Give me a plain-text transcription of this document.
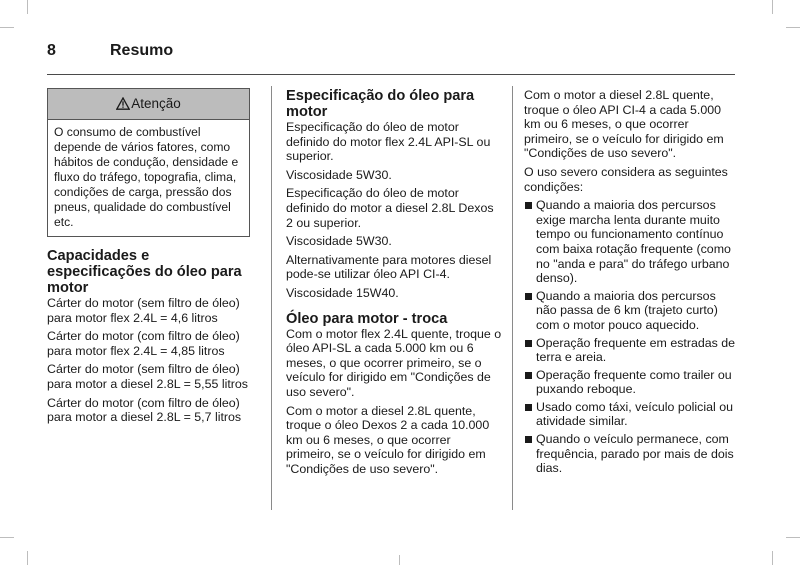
8	Resumo
Atenção
O consumo de combustível depende de vários fatores, como hábitos de condução, densidade e fluxo do tráfego, topografia, clima, condições de carga, pressão dos pneus, qualidade do combustível etc.
Capacidades e especificações do óleo para motor

Cárter do motor (sem filtro de óleo) para motor flex 2.4L = 4,6 litros

Cárter do motor (com filtro de óleo) para motor flex 2.4L = 4,85 litros

Cárter do motor (sem filtro de óleo) para motor a diesel 2.8L = 5,55 litros

Cárter do motor (com filtro de óleo) para motor a diesel 2.8L = 5,7 litros

Especificação do óleo para motor

Especificação do óleo de motor definido do motor flex 2.4L API-SL ou superior.

Viscosidade 5W30.

Especificação do óleo de motor definido do motor a diesel 2.8L Dexos 2 ou superior.

Viscosidade 5W30.

Alternativamente para motores diesel pode-se utilizar óleo API CI-4.

Viscosidade 15W40.

Óleo para motor - troca

Com o motor flex 2.4L quente, troque o óleo API-SL a cada 5.000 km ou 6 meses, o que ocorrer primeiro, se o veículo for dirigido em "Condições de uso severo".

Com o motor a diesel 2.8L quente, troque o óleo Dexos 2 a cada 10.000 km ou 6 meses, o que ocorrer primeiro, se o veículo for dirigido em "Condições de uso severo".

Com o motor a diesel 2.8L quente, troque o óleo API CI-4 a cada 5.000 km ou 6 meses, o que ocorrer primeiro, se o veículo for dirigido em "Condições de uso severo".

O uso severo considera as seguintes condições:

Quando a maioria dos percursos exige marcha lenta durante muito tempo ou funcionamento contínuo com baixa rotação frequente (como no "anda e para" do tráfego urbano denso).
Quando a maioria dos percursos não passa de 6 km (trajeto curto) com o motor pouco aquecido.
Operação frequente em estradas de terra e areia.
Operação frequente como trailer ou puxando reboque.
Usado como táxi, veículo policial ou atividade similar.
Quando o veículo permanece, com frequência, parado por mais de dois dias.
